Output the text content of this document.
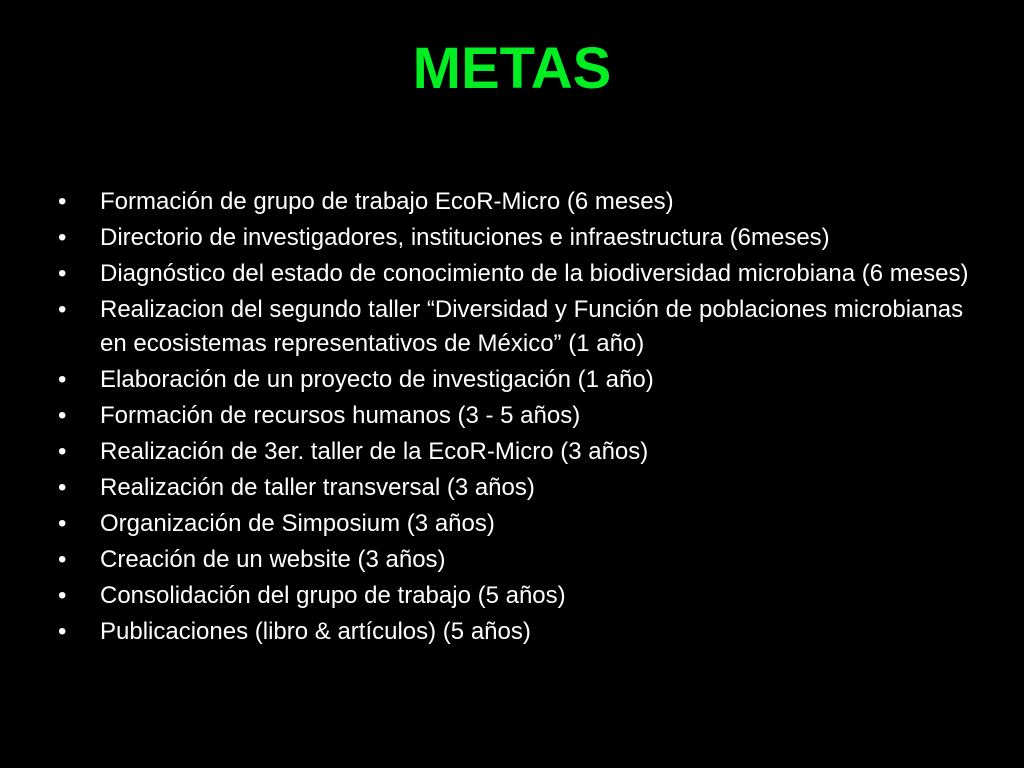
METAS
•	Formación de grupo de trabajo EcoR-Micro (6 meses)
•	Directorio de investigadores, instituciones e infraestructura (6meses)
•	Diagnóstico del estado de conocimiento de la biodiversidad microbiana (6 meses)
•	Realizacion del segundo taller “Diversidad y Función de poblaciones microbianas en ecosistemas representativos de México” (1 año)
•	Elaboración de un proyecto de investigación (1 año)
•	Formación de recursos humanos (3 - 5 años)
•	Realización de 3er. taller de la EcoR-Micro (3 años)
•	Realización de taller transversal (3 años)
•	Organización de Simposium (3 años)
•	Creación de un website (3 años)
•	Consolidación del grupo de trabajo (5 años)
•	Publicaciones (libro & artículos) (5 años)
